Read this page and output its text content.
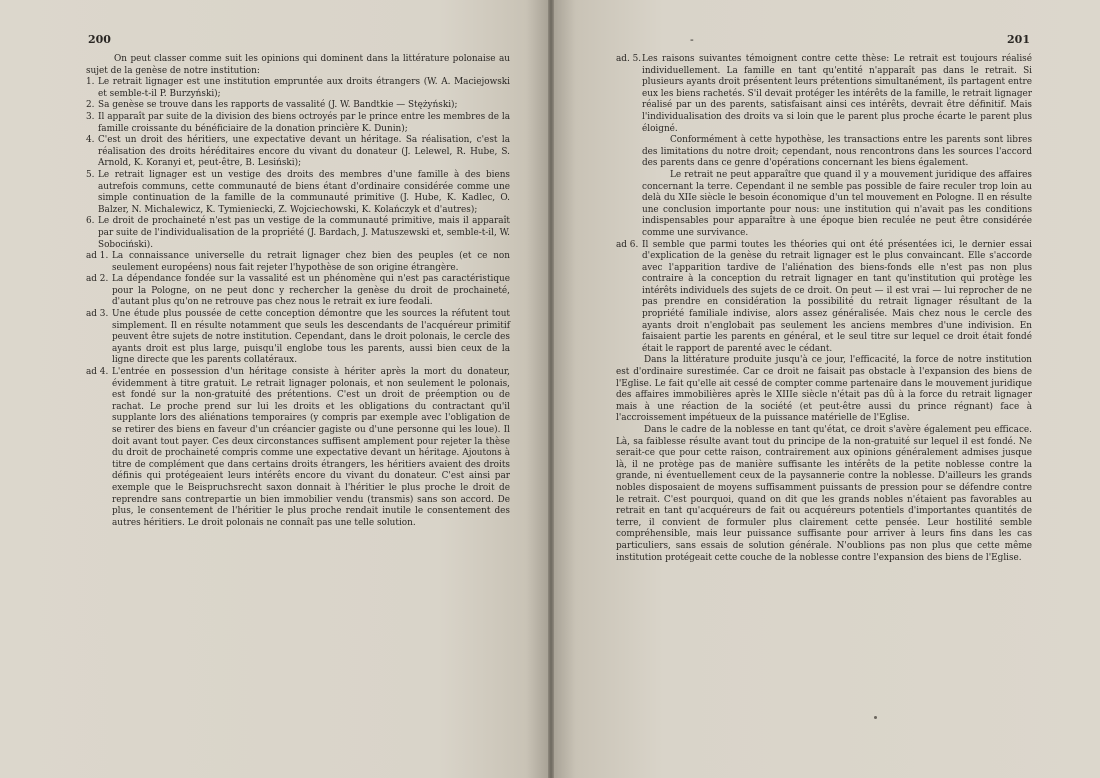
200

On peut classer comme suit les opinions qui dominent dans la littérature polonaise au sujet de la genèse de notre institution:

1. Le retrait lignager est une institution empruntée aux droits étrangers (W. A. Maciejowski et semble-t-il P. Burzyński);
2. Sa genèse se trouve dans les rapports de vassalité (J. W. Bandtkie — Stężyński);
3. Il apparaît par suite de la division des biens octroyés par le prince entre les membres de la famille croissante du bénéficiaire de la donation princière K. Dunin);
4. C'est un droit des héritiers, une expectative devant un héritage. Sa réalisation, c'est la réalisation des droits héréditaires encore du vivant du donateur (J. Lelewel, R. Hube, S. Arnold, K. Koranyi et, peut-être, B. Lesiński);
5. Le retrait lignager est un vestige des droits des membres d'une famille à des biens autrefois communs, cette communauté de biens étant d'ordinaire considérée comme une simple continuation de la famille de la communauté primitive (J. Hube, K. Kadlec, O. Balzer, N. Michalewicz, K. Tymieniecki, Z. Wojciechowski, K. Kolańczyk et d'autres);
6. Le droit de prochaineté n'est pas un vestige de la communauté primitive, mais il apparaît par suite de l'individualisation de la propriété (J. Bardach, J. Matuszewski et, semble-t-il, W. Sobociński).
ad 1. La connaissance universelle du retrait lignager chez bien des peuples (et ce non seulement européens) nous fait rejeter l'hypothèse de son origine étrangère.
ad 2. La dépendance fondée sur la vassalité est un phénomène qui n'est pas caractéristique pour la Pologne, on ne peut donc y rechercher la genèse du droit de prochaineté, d'autant plus qu'on ne retrouve pas chez nous le retrait ex iure feodali.
ad 3. Une étude plus poussée de cette conception démontre que les sources la réfutent tout simplement. Il en résulte notamment que seuls les descendants de l'acquéreur primitif peuvent être sujets de notre institution. Cependant, dans le droit polonais, le cercle des ayants droit est plus large, puisqu'il englobe tous les parents, aussi bien ceux de la ligne directe que les parents collatéraux.
ad 4. L'entrée en possession d'un héritage consiste à hériter après la mort du donateur, évidemment à titre gratuit. Le retrait lignager polonais, et non seulement le polonais, est fondé sur la non-gratuité des prétentions. C'est un droit de préemption ou de rachat. Le proche prend sur lui les droits et les obligations du contractant qu'il supplante lors des aliénations temporaires (y compris par exemple avec l'obligation de se retirer des biens en faveur d'un créancier gagiste ou d'une personne qui les loue). Il doit avant tout payer. Ces deux circonstances suffisent amplement pour rejeter la thèse du droit de prochaineté compris comme une expectative devant un héritage. Ajoutons à titre de complément que dans certains droits étrangers, les héritiers avaient des droits définis qui protégeaient leurs intérêts encore du vivant du donateur. C'est ainsi par exemple que le Beispruchsrecht saxon donnait à l'héritier le plus proche le droit de reprendre sans contrepartie un bien immobilier vendu (transmis) sans son accord. De plus, le consentement de l'héritier le plus proche rendait inutile le consentement des autres héritiers. Le droit polonais ne connaît pas une telle solution.
-	201
ad. 5. Les raisons suivantes témoignent contre cette thèse: Le retrait est toujours réalisé individuellement. La famille en tant qu'entité n'apparaît pas dans le retrait. Si plusieurs ayants droit présentent leurs prétentions simultanément, ils partagent entre eux les biens rachetés. S'il devait protéger les intérêts de la famille, le retrait lignager réalisé par un des parents, satisfaisant ainsi ces intérêts, devrait être définitif. Mais l'individualisation des droits va si loin que le parent plus proche écarte le parent plus éloigné.

Conformément à cette hypothèse, les transactions entre les parents sont libres des limitations du notre droit; cependant, nous rencontrons dans les sources l'accord des parents dans ce genre d'opérations concernant les biens également.

Le retrait ne peut apparaître que quand il y a mouvement juridique des affaires concernant la terre. Cependant il ne semble pas possible de faire reculer trop loin au delà du XIIe siècle le besoin économique d'un tel mouvement en Pologne. Il en résulte une conclusion importante pour nous: une institution qui n'avait pas les conditions indispensables pour apparaître à une époque bien reculée ne peut être considérée comme une survivance.

ad 6. Il semble que parmi toutes les théories qui ont été présentées ici, le dernier essai d'explication de la genèse du retrait lignager est le plus convaincant. Elle s'accorde avec l'apparition tardive de l'aliénation des biens-fonds elle n'est pas non plus contraire à la conception du retrait lignager en tant qu'institution qui protège les intérêts individuels des sujets de ce droit. On peut — il est vrai — lui reprocher de ne pas prendre en considération la possibilité du retrait lignager résultant de la propriété familiale indivise, alors assez généralisée. Mais chez nous le cercle des ayants droit n'englobait pas seulement les anciens membres d'une indivision. En faisaient partie les parents en général, et le seul titre sur lequel ce droit était fondé était le rapport de parenté avec le cédant.

Dans la littérature produite jusqu'à ce jour, l'efficacité, la force de notre institution est d'ordinaire surestimée. Car ce droit ne faisait pas obstacle à l'expansion des biens de l'Eglise. Le fait qu'elle ait cessé de compter comme partenaire dans le mouvement juridique des affaires immobilières après le XIIIe siècle n'était pas dû à la force du retrait lignager mais à une réaction de la société (et peut-être aussi du prince régnant) face à l'accroissement impétueux de la puissance matérielle de l'Eglise.

Dans le cadre de la noblesse en tant qu'état, ce droit s'avère également peu efficace. Là, sa faiblesse résulte avant tout du principe de la non-gratuité sur lequel il est fondé. Ne serait-ce que pour cette raison, contrairement aux opinions généralement admises jusque là, il ne protège pas de manière suffisante les intérêts de la petite noblesse contre la grande, ni éventuellement ceux de la paysannerie contre la noblesse. D'ailleurs les grands nobles disposaient de moyens suffisamment puissants de pression pour se défendre contre le retrait. C'est pourquoi, quand on dit que les grands nobles n'étaient pas favorables au retrait en tant qu'acquéreurs de fait ou acquéreurs potentiels d'importantes quantités de terre, il convient de formuler plus clairement cette pensée. Leur hostilité semble compréhensible, mais leur puissance suffisante pour arriver à leurs fins dans les cas particuliers, sans essais de solution générale. N'oublions pas non plus que cette même institution protégeait cette couche de la noblesse contre l'expansion des biens de l'Eglise.
